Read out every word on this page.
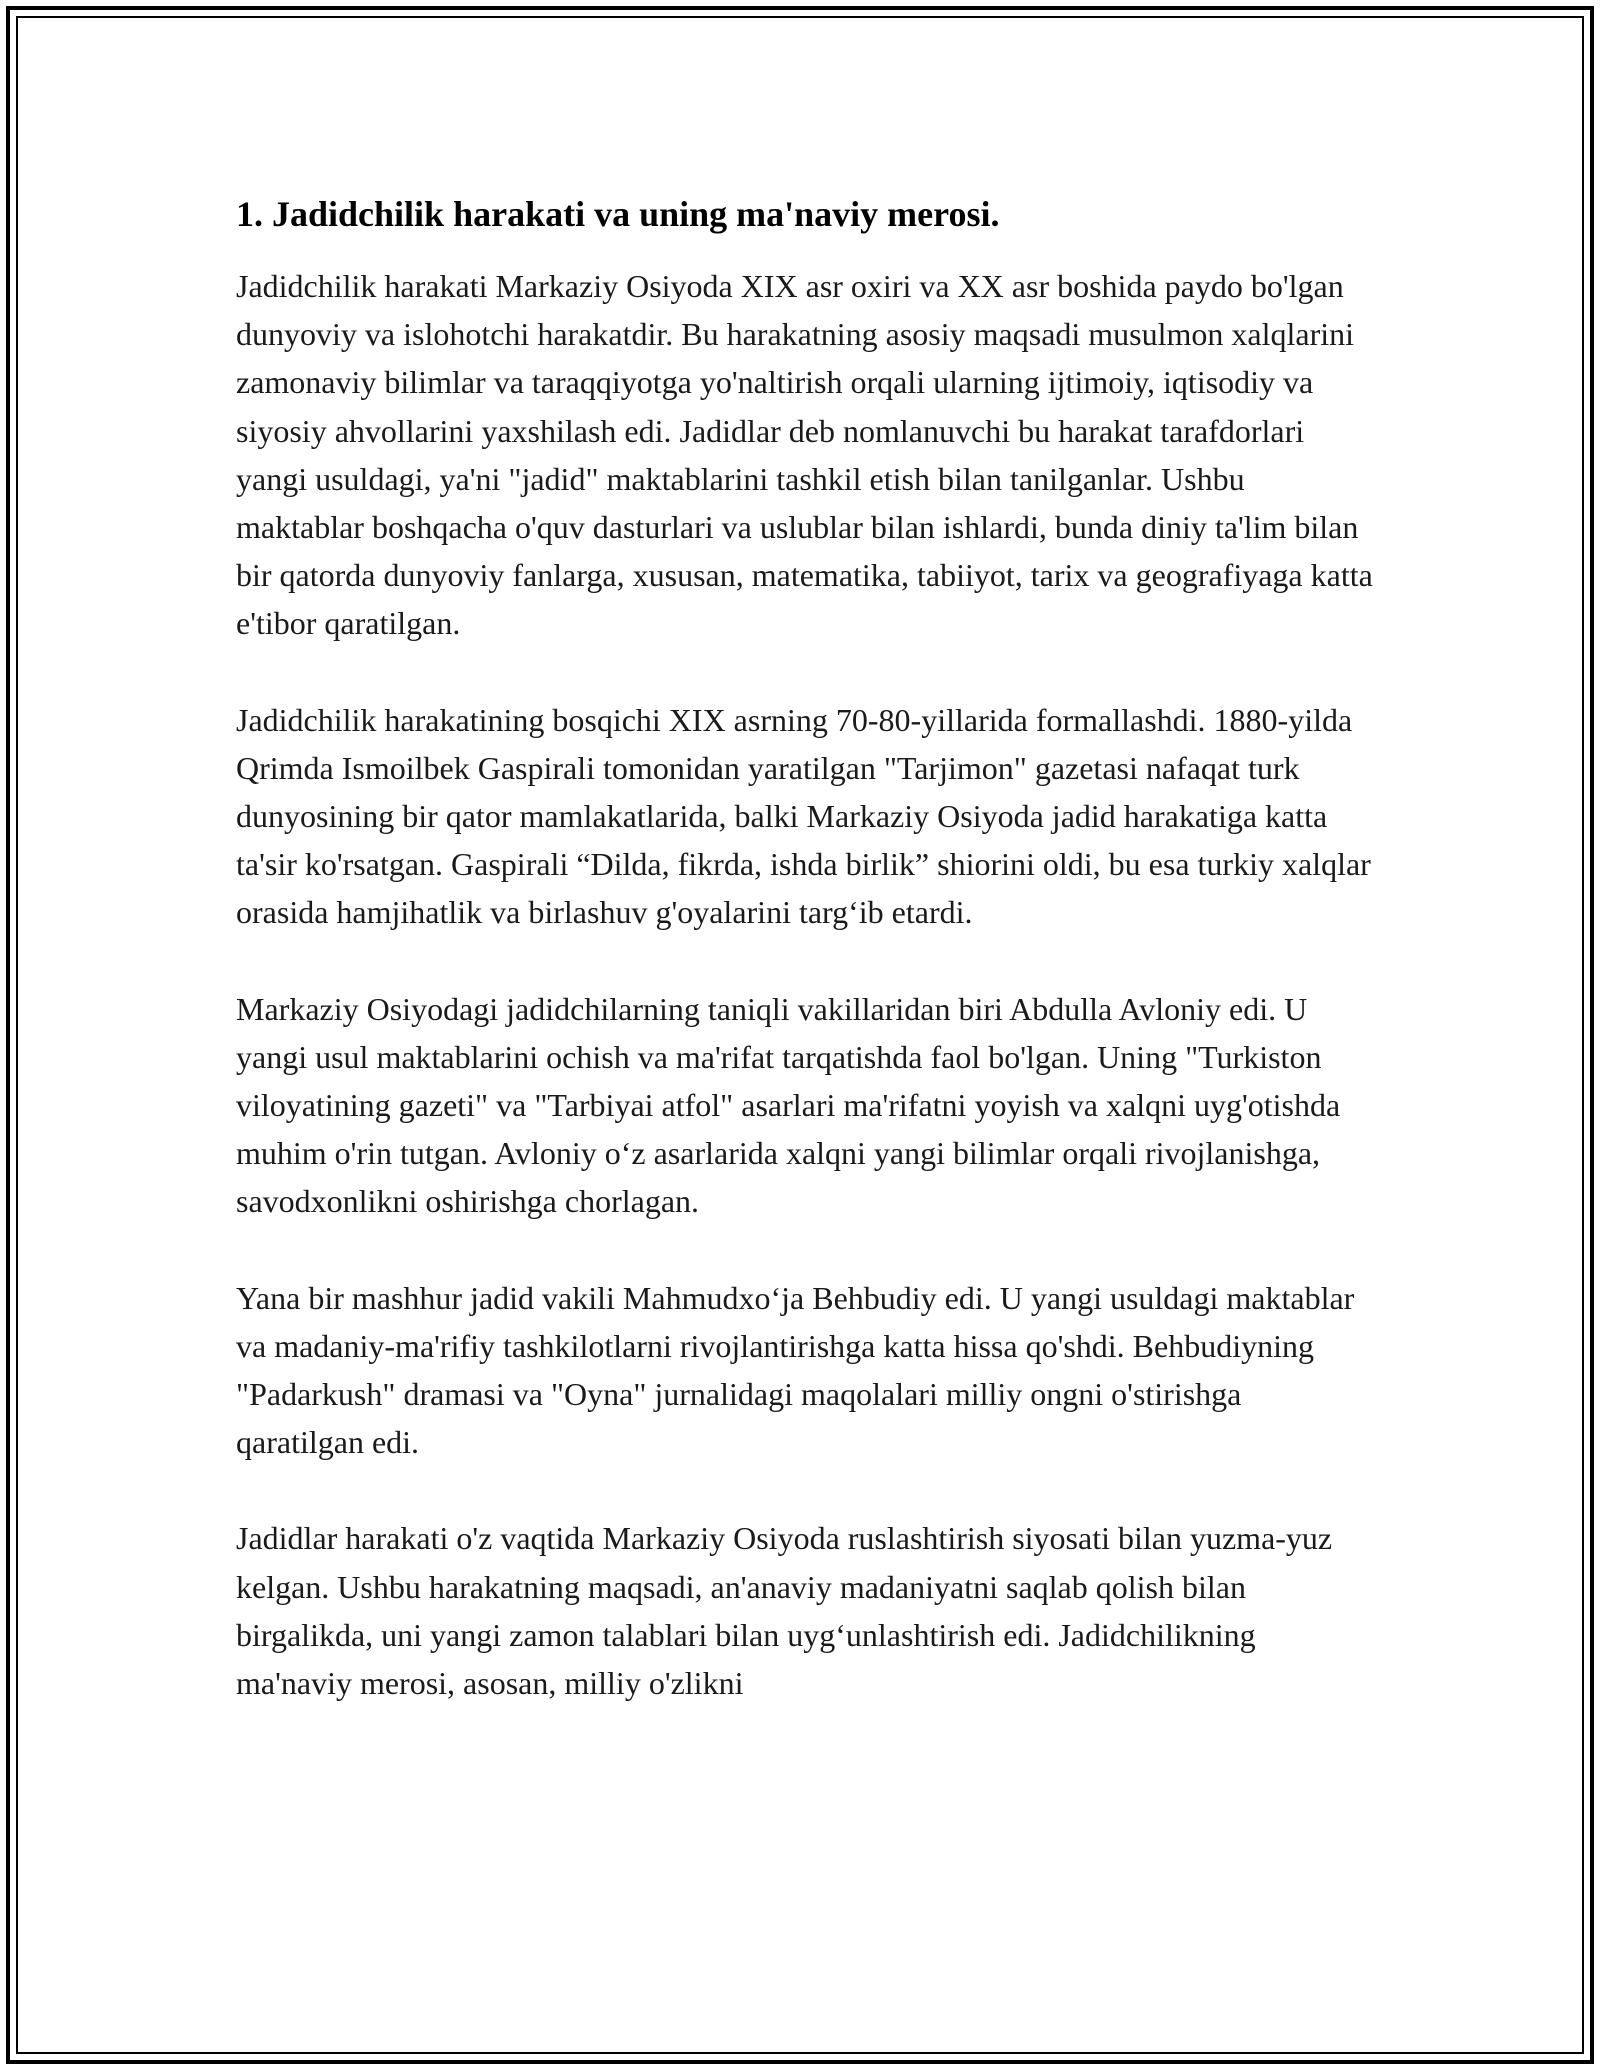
1. Jadidchilik harakati va uning ma'naviy merosi.

Jadidchilik harakati Markaziy Osiyoda XIX asr oxiri va XX asr boshida paydo bo'lgan dunyoviy va islohotchi harakatdir. Bu harakatning asosiy maqsadi musulmon xalqlarini zamonaviy bilimlar va taraqqiyotga yo'naltirish orqali ularning ijtimoiy, iqtisodiy va siyosiy ahvollarini yaxshilash edi. Jadidlar deb nomlanuvchi bu harakat tarafdorlari yangi usuldagi, ya'ni "jadid" maktablarini tashkil etish bilan tanilganlar. Ushbu maktablar boshqacha o'quv dasturlari va uslublar bilan ishlardi, bunda diniy ta'lim bilan bir qatorda dunyoviy fanlarga, xususan, matematika, tabiiyot, tarix va geografiyaga katta e'tibor qaratilgan.

Jadidchilik harakatining bosqichi XIX asrning 70-80-yillarida formallashdi. 1880-yilda Qrimda Ismoilbek Gaspirali tomonidan yaratilgan "Tarjimon" gazetasi nafaqat turk dunyosining bir qator mamlakatlarida, balki Markaziy Osiyoda jadid harakatiga katta ta'sir ko'rsatgan. Gaspirali “Dilda, fikrda, ishda birlik” shiorini oldi, bu esa turkiy xalqlar orasida hamjihatlik va birlashuv g'oyalarini targ‘ib etardi.

Markaziy Osiyodagi jadidchilarning taniqli vakillaridan biri Abdulla Avloniy edi. U yangi usul maktablarini ochish va ma'rifat tarqatishda faol bo'lgan. Uning "Turkiston viloyatining gazeti" va "Tarbiyai atfol" asarlari ma'rifatni yoyish va xalqni uyg'otishda muhim o'rin tutgan. Avloniy o‘z asarlarida xalqni yangi bilimlar orqali rivojlanishga, savodxonlikni oshirishga chorlagan.

Yana bir mashhur jadid vakili Mahmudxo‘ja Behbudiy edi. U yangi usuldagi maktablar va madaniy-ma'rifiy tashkilotlarni rivojlantirishga katta hissa qo'shdi. Behbudiyning "Padarkush" dramasi va "Oyna" jurnalidagi maqolalari milliy ongni o'stirishga qaratilgan edi.

Jadidlar harakati o'z vaqtida Markaziy Osiyoda ruslashtirish siyosati bilan yuzma-yuz kelgan. Ushbu harakatning maqsadi, an'anaviy madaniyatni saqlab qolish bilan birgalikda, uni yangi zamon talablari bilan uyg‘unlashtirish edi. Jadidchilikning ma'naviy merosi, asosan, milliy o'zlikni
